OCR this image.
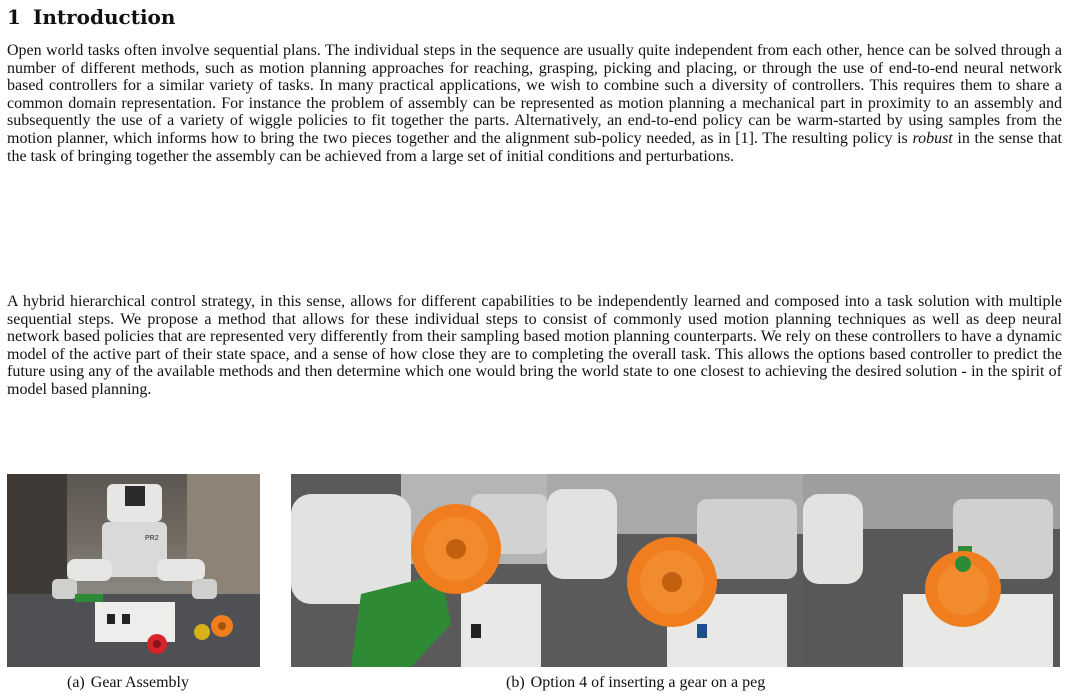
1 Introduction

Open world tasks often involve sequential plans. The individual steps in the sequence are usually quite independent from each other, hence can be solved through a number of different methods, such as motion planning approaches for reaching, grasping, picking and placing, or through the use of end-to-end neural network based controllers for a similar variety of tasks. In many practical applications, we wish to combine such a diversity of controllers. This requires them to share a common domain representation. For instance the problem of assembly can be represented as motion planning a mechanical part in proximity to an assembly and subsequently the use of a variety of wiggle policies to fit together the parts. Alternatively, an end-to-end policy can be warm-started by using samples from the motion planner, which informs how to bring the two pieces together and the alignment sub-policy needed, as in [1]. The resulting policy is robust in the sense that the task of bringing together the assembly can be achieved from a large set of initial conditions and perturbations.

A hybrid hierarchical control strategy, in this sense, allows for different capabilities to be independently learned and composed into a task solution with multiple sequential steps. We propose a method that allows for these individual steps to consist of commonly used motion planning techniques as well as deep neural network based policies that are represented very differently from their sampling based motion planning counterparts. We rely on these controllers to have a dynamic model of the active part of their state space, and a sense of how close they are to completing the overall task. This allows the options based controller to predict the future using any of the available methods and then determine which one would bring the world state to one closest to achieving the desired solution - in the spirit of model based planning.

PR2
(a) Gear Assembly	(b) Option 4 of inserting a gear on a peg
